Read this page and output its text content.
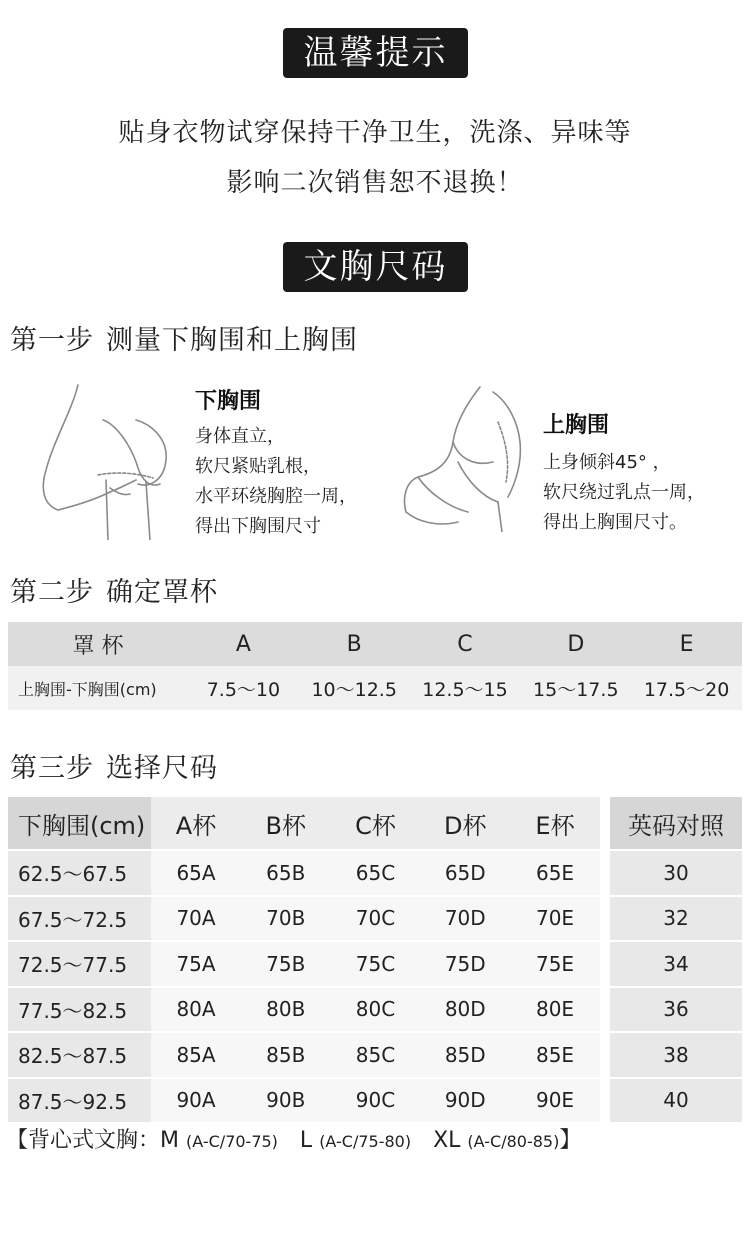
温馨提示
贴身衣物试穿保持干净卫生，洗涤、异味等
影响二次销售恕不退换！
文胸尺码
第一步 测量下胸围和上胸围
下胸围
身体直立，
软尺紧贴乳根，
水平环绕胸腔一周，
得出下胸围尺寸
上胸围
上身倾斜45° ，
软尺绕过乳点一周，
得出上胸围尺寸。
第二步 确定罩杯
罩 杯	A	B	C	D	E
上胸围-下胸围(cm)	7.5～10	10～12.5	12.5～15	15～17.5	17.5～20
第三步 选择尺码
下胸围(cm)	A杯	B杯	C杯	D杯	E杯	英码对照
62.5～67.5	65A	65B	65C	65D	65E	30
67.5～72.5	70A	70B	70C	70D	70E	32
72.5～77.5	75A	75B	75C	75D	75E	34
77.5～82.5	80A	80B	80C	80D	80E	36
82.5～87.5	85A	85B	85C	85D	85E	38
87.5～92.5	90A	90B	90C	90D	90E	40
【背心式文胸：M (A-C/70-75) L (A-C/75-80) XL (A-C/80-85)】
